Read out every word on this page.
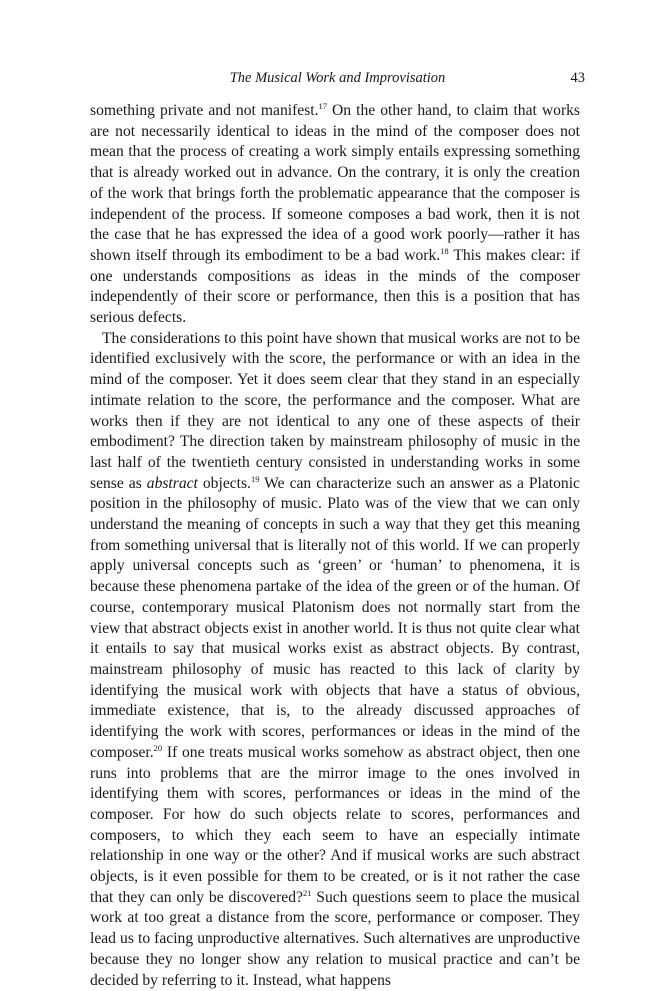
The Musical Work and Improvisation	43

something private and not manifest.$^{17}$ On the other hand, to claim that works are not necessarily identical to ideas in the mind of the composer does not mean that the process of creating a work simply entails expressing something that is already worked out in advance. On the contrary, it is only the creation of the work that brings forth the problematic appearance that the composer is independent of the process. If someone composes a bad work, then it is not the case that he has expressed the idea of a good work poorly—rather it has shown itself through its embodiment to be a bad work.$^{18}$ This makes clear: if one understands compositions as ideas in the minds of the composer independently of their score or performance, then this is a position that has serious defects.

The considerations to this point have shown that musical works are not to be identified exclusively with the score, the performance or with an idea in the mind of the composer. Yet it does seem clear that they stand in an especially intimate relation to the score, the performance and the composer. What are works then if they are not identical to any one of these aspects of their embodiment? The direction taken by mainstream philosophy of music in the last half of the twentieth century consisted in understanding works in some sense as abstract objects.$^{19}$ We can characterize such an answer as a Platonic position in the philosophy of music. Plato was of the view that we can only understand the meaning of concepts in such a way that they get this meaning from something universal that is literally not of this world. If we can properly apply universal concepts such as ‘green’ or ‘human’ to phenomena, it is because these phenomena partake of the idea of the green or of the human. Of course, contemporary musical Platonism does not normally start from the view that abstract objects exist in another world. It is thus not quite clear what it entails to say that musical works exist as abstract objects. By contrast, mainstream philosophy of music has reacted to this lack of clarity by identifying the musical work with objects that have a status of obvious, immediate existence, that is, to the already discussed approaches of identifying the work with scores, performances or ideas in the mind of the composer.$^{20}$ If one treats musical works somehow as abstract object, then one runs into problems that are the mirror image to the ones involved in identifying them with scores, performances or ideas in the mind of the composer. For how do such objects relate to scores, performances and composers, to which they each seem to have an especially intimate relationship in one way or the other? And if musical works are such abstract objects, is it even possible for them to be created, or is it not rather the case that they can only be discovered?$^{21}$ Such questions seem to place the musical work at too great a distance from the score, performance or composer. They lead us to facing unproductive alternatives. Such alternatives are unproductive because they no longer show any relation to musical practice and can’t be decided by referring to it. Instead, what happens
